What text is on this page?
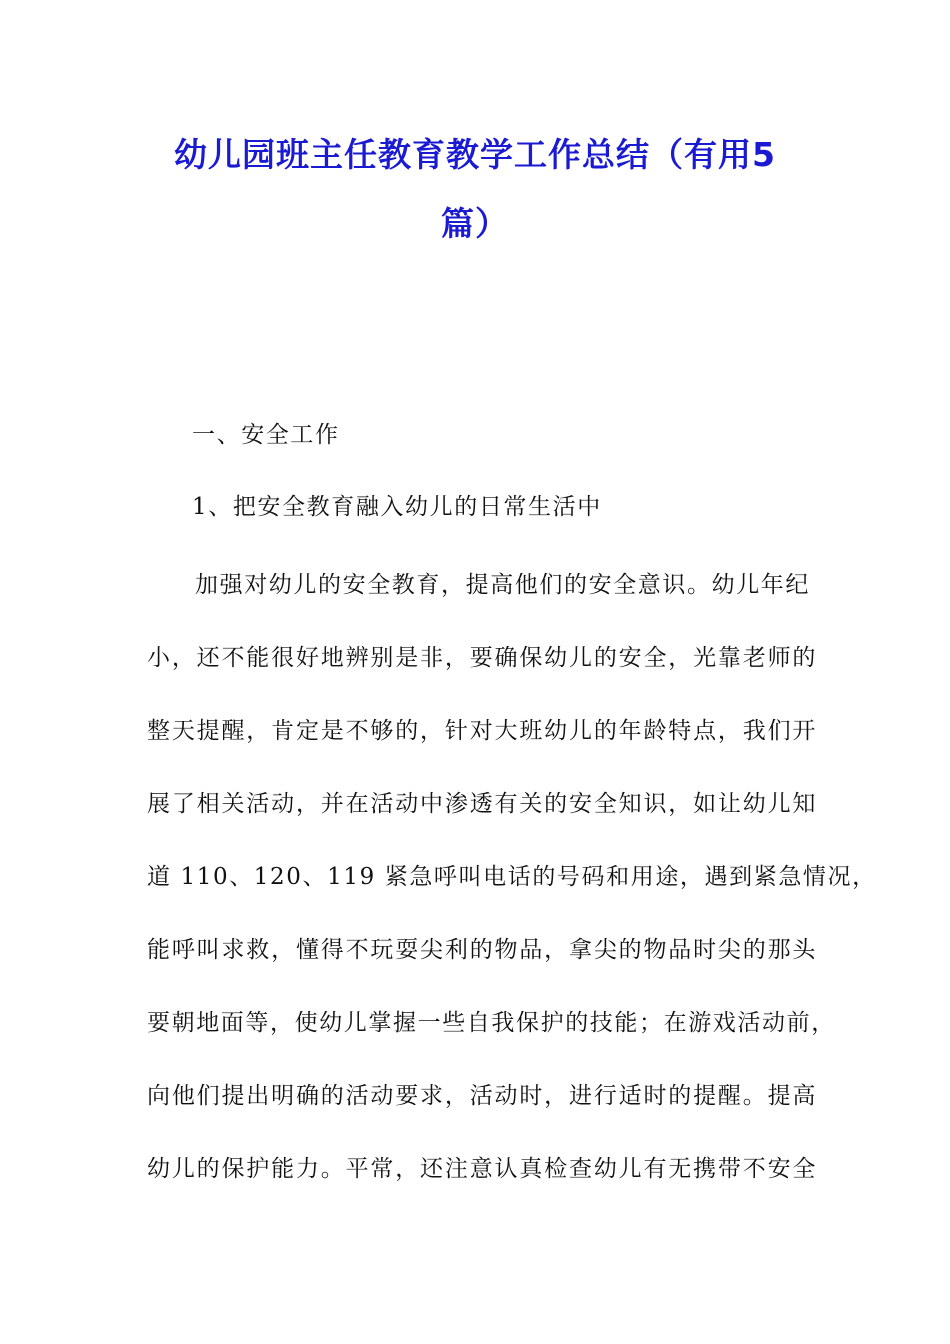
幼儿园班主任教育教学工作总结（有用5
篇）
一、安全工作
1、把安全教育融入幼儿的日常生活中
加强对幼儿的安全教育，提高他们的安全意识。幼儿年纪
小，还不能很好地辨别是非，要确保幼儿的安全，光靠老师的
整天提醒，肯定是不够的，针对大班幼儿的年龄特点，我们开
展了相关活动，并在活动中渗透有关的安全知识，如让幼儿知
道 110、120、119 紧急呼叫电话的号码和用途，遇到紧急情况，
能呼叫求救，懂得不玩耍尖利的物品，拿尖的物品时尖的那头
要朝地面等，使幼儿掌握一些自我保护的技能；在游戏活动前，
向他们提出明确的活动要求，活动时，进行适时的提醒。提高
幼儿的保护能力。平常，还注意认真检查幼儿有无携带不安全
